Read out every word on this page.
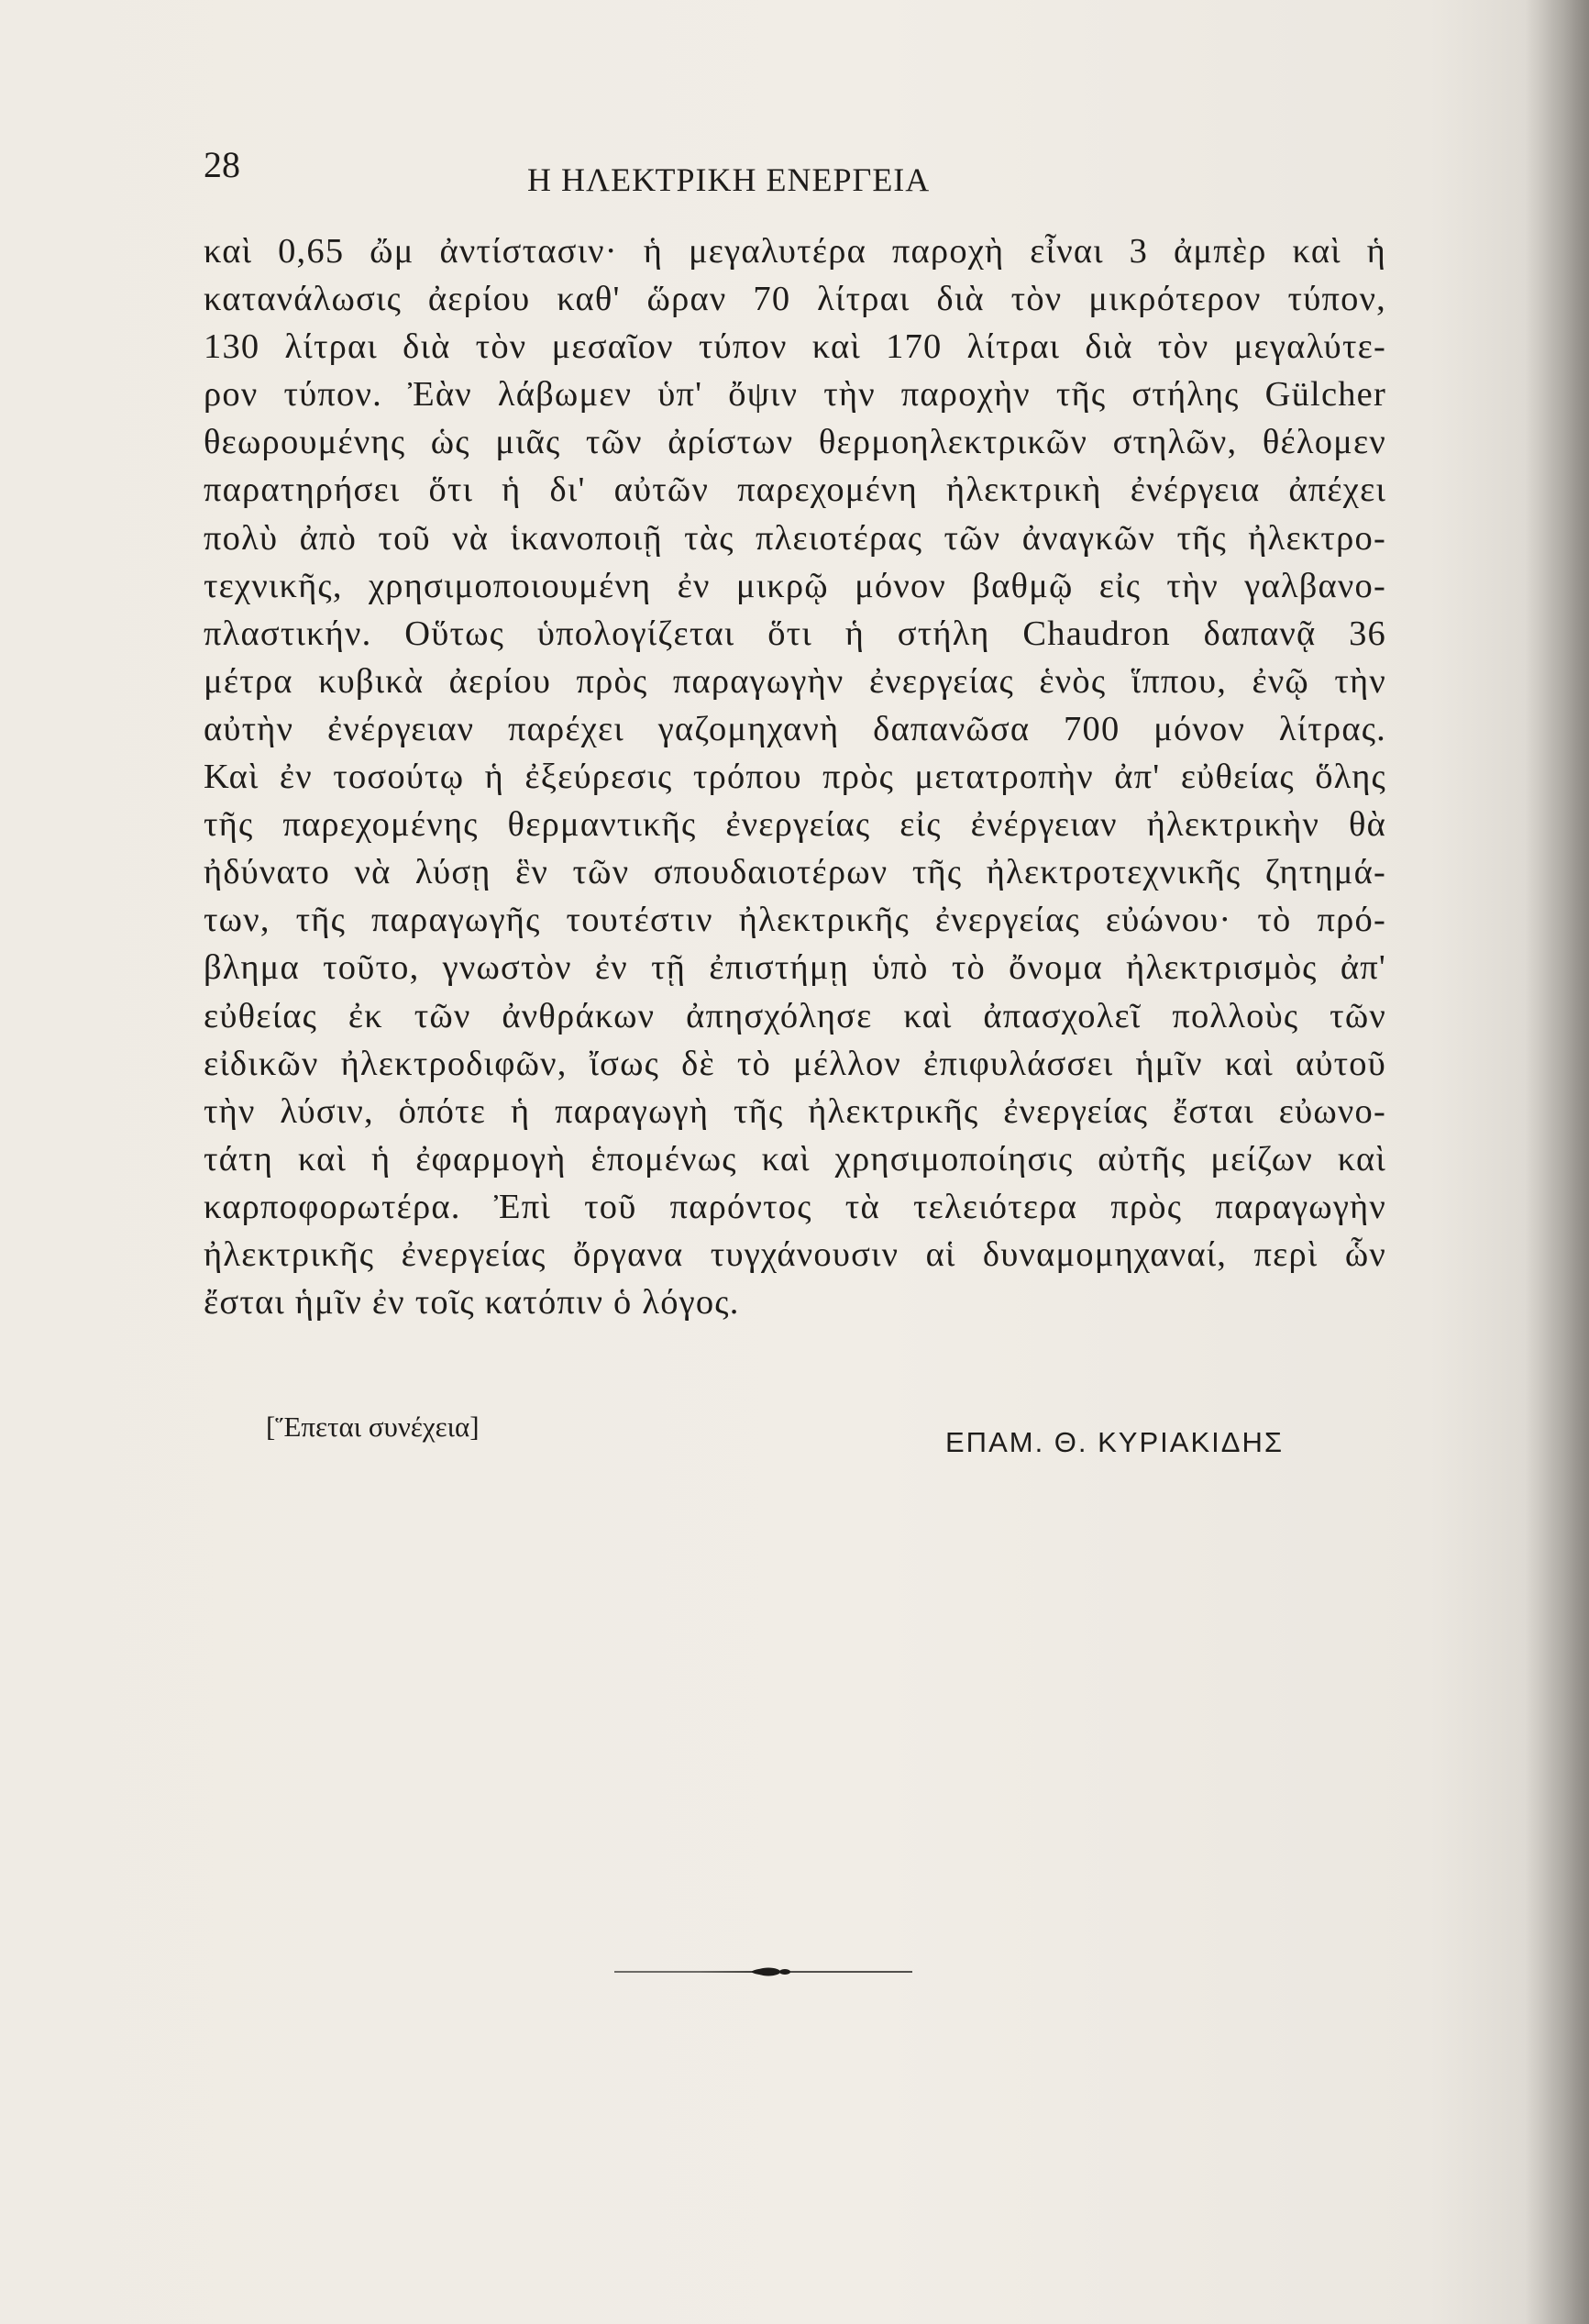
28	Η ΗΛΕΚΤΡΙΚΗ ΕΝΕΡΓΕΙΑ
καὶ 0,65 ὤμ ἀντίστασιν· ἡ μεγαλυτέρα παροχὴ εἶναι 3 ἀμπὲρ καὶ ἡ
κατανάλωσις ἀερίου καθ' ὥραν 70 λίτραι διὰ τὸν μικρότερον τύπον,
130 λίτραι διὰ τὸν μεσαῖον τύπον καὶ 170 λίτραι διὰ τὸν μεγαλύτε-
ρον τύπον. Ἐὰν λάβωμεν ὑπ' ὄψιν τὴν παροχὴν τῆς στήλης Gülcher
θεωρουμένης ὡς μιᾶς τῶν ἀρίστων θερμοηλεκτρικῶν στηλῶν, θέλομεν
παρατηρήσει ὅτι ἡ δι' αὐτῶν παρεχομένη ἠλεκτρικὴ ἐνέργεια ἀπέχει
πολὺ ἀπὸ τοῦ νὰ ἱκανοποιῇ τὰς πλειοτέρας τῶν ἀναγκῶν τῆς ἠλεκτρο-
τεχνικῆς, χρησιμοποιουμένη ἐν μικρῷ μόνον βαθμῷ εἰς τὴν γαλβανο-
πλαστικήν. Οὕτως ὑπολογίζεται ὅτι ἡ στήλη Chaudron δαπανᾷ 36
μέτρα κυβικὰ ἀερίου πρὸς παραγωγὴν ἐνεργείας ἑνὸς ἵππου, ἐνῷ τὴν
αὐτὴν ἐνέργειαν παρέχει γαζομηχανὴ δαπανῶσα 700 μόνον λίτρας.
Καὶ ἐν τοσούτῳ ἡ ἐξεύρεσις τρόπου πρὸς μετατροπὴν ἀπ' εὐθείας ὅλης
τῆς παρεχομένης θερμαντικῆς ἐνεργείας εἰς ἐνέργειαν ἠλεκτρικὴν θὰ
ἠδύνατο νὰ λύσῃ ἓν τῶν σπουδαιοτέρων τῆς ἠλεκτροτεχνικῆς ζητημά-
των, τῆς παραγωγῆς τουτέστιν ἠλεκτρικῆς ἐνεργείας εὐώνου· τὸ πρό-
βλημα τοῦτο, γνωστὸν ἐν τῇ ἐπιστήμῃ ὑπὸ τὸ ὄνομα ἠλεκτρισμὸς ἀπ'
εὐθείας ἐκ τῶν ἀνθράκων ἀπησχόλησε καὶ ἀπασχολεῖ πολλοὺς τῶν
εἰδικῶν ἠλεκτροδιφῶν, ἴσως δὲ τὸ μέλλον ἐπιφυλάσσει ἡμῖν καὶ αὐτοῦ
τὴν λύσιν, ὁπότε ἡ παραγωγὴ τῆς ἠλεκτρικῆς ἐνεργείας ἔσται εὐωνο-
τάτη καὶ ἡ ἐφαρμογὴ ἑπομένως καὶ χρησιμοποίησις αὐτῆς μείζων καὶ
καρποφορωτέρα. Ἐπὶ τοῦ παρόντος τὰ τελειότερα πρὸς παραγωγὴν
ἠλεκτρικῆς ἐνεργείας ὄργανα τυγχάνουσιν αἱ δυναμομηχαναί, περὶ ὧν
ἔσται ἡμῖν ἐν τοῖς κατόπιν ὁ λόγος.
[Ἕπεται συνέχεια]	ΕΠΑΜ. Θ. ΚΥΡΙΑΚΙΔΗΣ
